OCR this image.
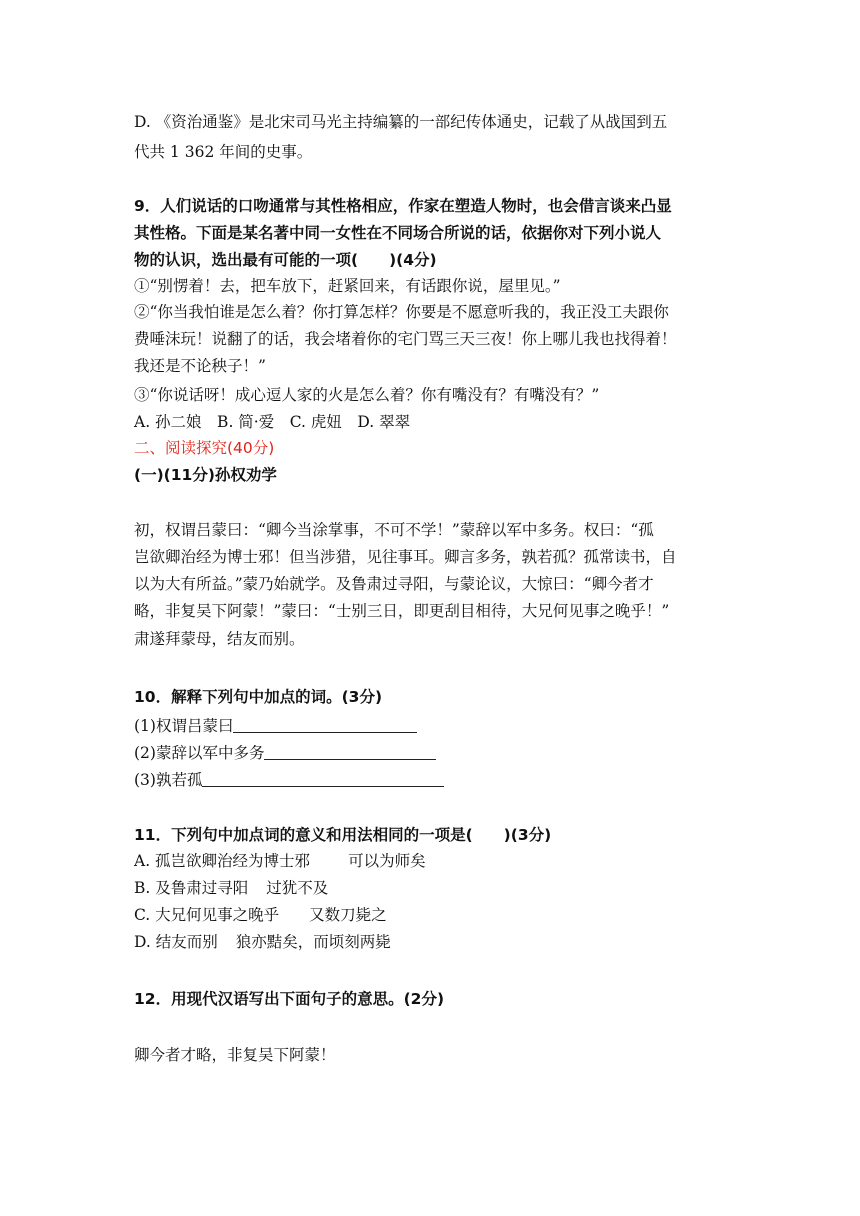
D. 《资治通鉴》是北宋司马光主持编纂的一部纪传体通史，记载了从战国到五
代共 1 362 年间的史事。
9．人们说话的口吻通常与其性格相应，作家在塑造人物时，也会借言谈来凸显
其性格。下面是某名著中同一女性在不同场合所说的话，依据你对下列小说人
物的认识，选出最有可能的一项(　　)(4分)
①“别愣着！去，把车放下，赶紧回来，有话跟你说，屋里见。”
②“你当我怕谁是怎么着？你打算怎样？你要是不愿意听我的，我正没工夫跟你
费唾沫玩！说翻了的话，我会堵着你的宅门骂三天三夜！你上哪儿我也找得着！
我还是不论秧子！”
③“你说话呀！成心逗人家的火是怎么着？你有嘴没有？有嘴没有？”
A. 孙二娘　B. 简·爱　C. 虎妞　D. 翠翠
二、阅读探究(40分)
(一)(11分)孙权劝学
初，权谓吕蒙曰：“卿今当涂掌事，不可不学！”蒙辞以军中多务。权曰：“孤
岂欲卿治经为博士邪！但当涉猎，见往事耳。卿言多务，孰若孤？孤常读书，自
以为大有所益。”蒙乃始就学。及鲁肃过寻阳，与蒙论议，大惊曰：“卿今者才
略，非复吴下阿蒙！”蒙曰：“士别三日，即更刮目相待，大兄何见事之晚乎！”
肃遂拜蒙母，结友而别。
10．解释下列句中加点的词。(3分)
(1)权谓吕蒙曰
(2)蒙辞以军中多务
(3)孰若孤
11．下列句中加点词的意义和用法相同的一项是(　　)(3分)
A. 孤岂欲卿治经为博士邪 可以为师矣
B. 及鲁肃过寻阳 过犹不及
C. 大兄何见事之晚乎 又数刀毙之
D. 结友而别 狼亦黠矣，而顷刻两毙
12．用现代汉语写出下面句子的意思。(2分)
卿今者才略，非复吴下阿蒙！
